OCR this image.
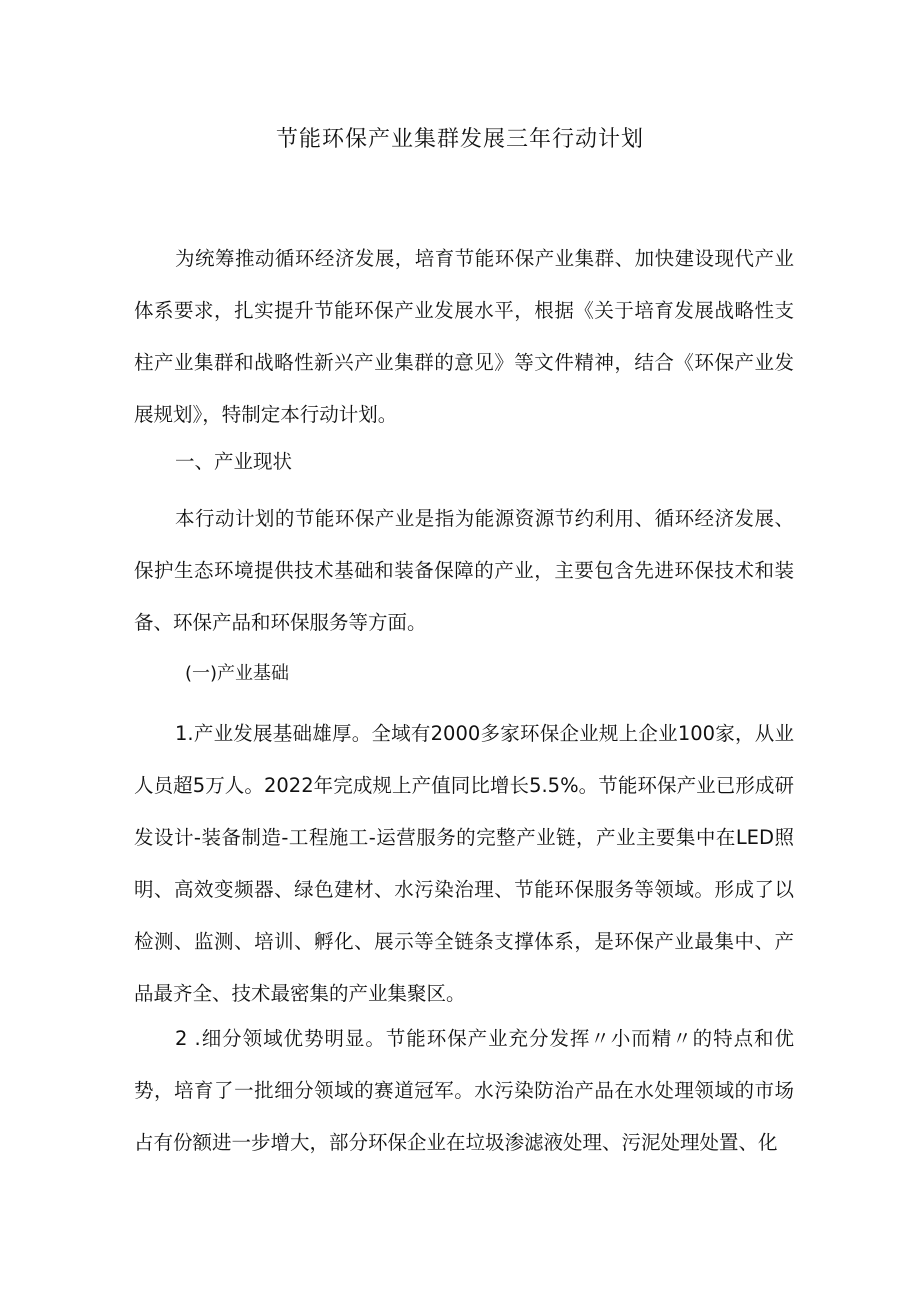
节能环保产业集群发展三年行动计划

为统筹推动循环经济发展，培育节能环保产业集群、加快建设现代产业体系要求，扎实提升节能环保产业发展水平，根据《关于培育发展战略性支柱产业集群和战略性新兴产业集群的意见》等文件精神，结合《环保产业发展规划》，特制定本行动计划。

一、产业现状

本行动计划的节能环保产业是指为能源资源节约利用、循环经济发展、保护生态环境提供技术基础和装备保障的产业，主要包含先进环保技术和装备、环保产品和环保服务等方面。

(一)产业基础

1.产业发展基础雄厚。全域有2000多家环保企业规上企业100家，从业人员超5万人。2022年完成规上产值同比增长5.5%。节能环保产业已形成研发设计-装备制造-工程施工-运营服务的完整产业链，产业主要集中在LED照明、高效变频器、绿色建材、水污染治理、节能环保服务等领域。形成了以检测、监测、培训、孵化、展示等全链条支撑体系，是环保产业最集中、产品最齐全、技术最密集的产业集聚区。

2 .细分领域优势明显。节能环保产业充分发挥〃小而精〃的特点和优势，培育了一批细分领域的赛道冠军。水污染防治产品在水处理领域的市场占有份额进一步增大，部分环保企业在垃圾渗滤液处理、污泥处理处置、化
